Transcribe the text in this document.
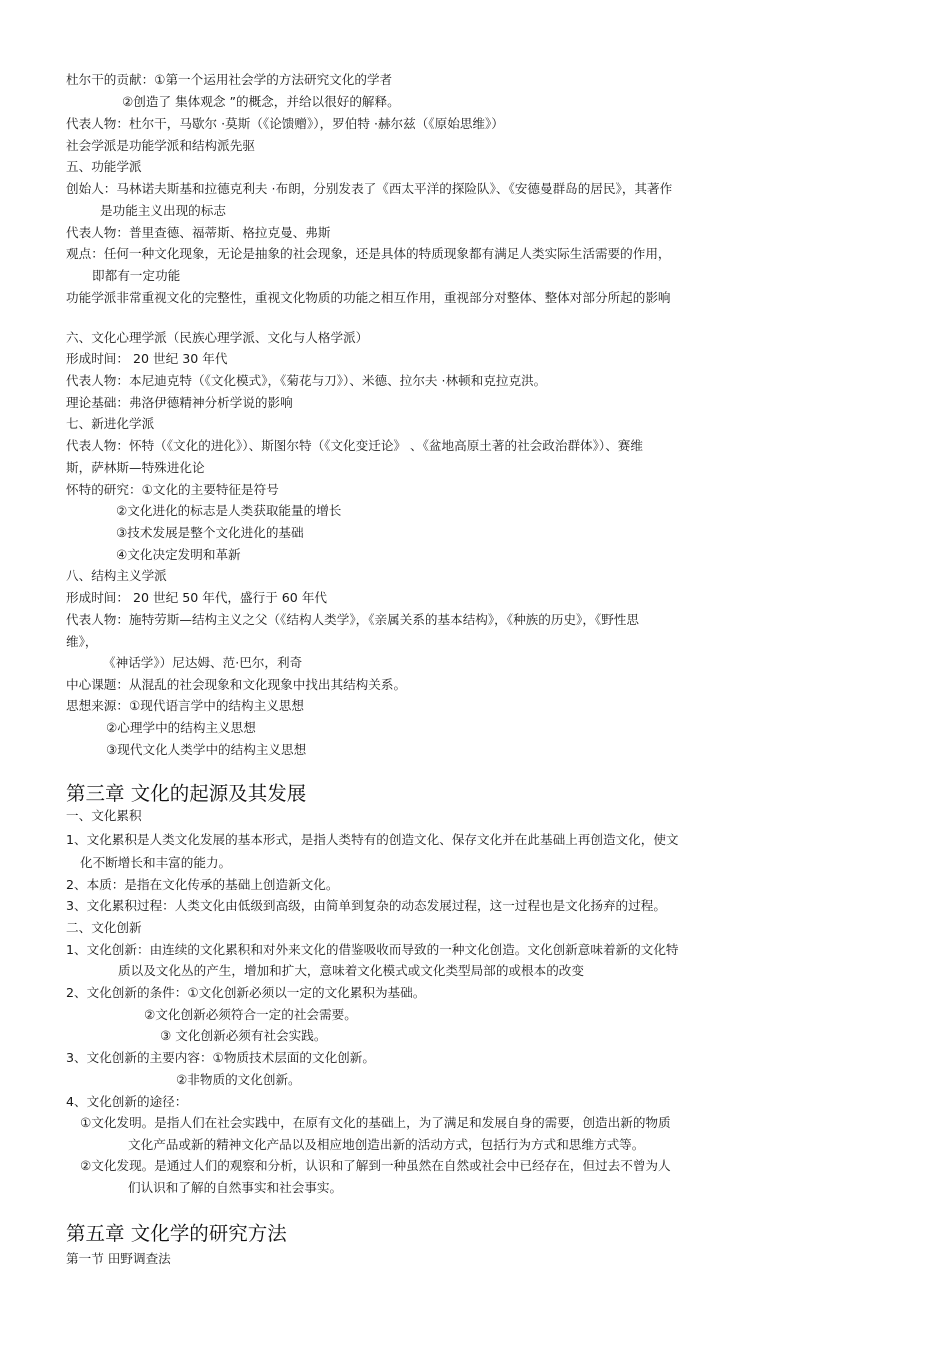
杜尔干的贡献：①第一个运用社会学的方法研究文化的学者
②创造了 集体观念 ”的概念，并给以很好的解释。
代表人物：杜尔干，马歇尔 ·莫斯（《论馈赠》），罗伯特 ·赫尔兹（《原始思维》）
社会学派是功能学派和结构派先驱
五、功能学派
创始人：马林诺夫斯基和拉德克利夫 ·布朗，分别发表了《西太平洋的探险队》、《安德曼群岛的居民》，其著作
是功能主义出现的标志
代表人物：普里查德、福蒂斯、格拉克曼、弗斯
观点：任何一种文化现象，无论是抽象的社会现象，还是具体的特质现象都有满足人类实际生活需要的作用，
即都有一定功能
功能学派非常重视文化的完整性，重视文化物质的功能之相互作用，重视部分对整体、整体对部分所起的影响
六、文化心理学派（民族心理学派、文化与人格学派）
形成时间： 20 世纪 30 年代
代表人物：本尼迪克特（《文化模式》，《菊花与刀》）、米德、拉尔夫 ·林顿和克拉克洪。
理论基础：弗洛伊德精神分析学说的影响
七、新进化学派
代表人物：怀特（《文化的进化》）、斯图尔特（《文化变迁论》 、《盆地高原土著的社会政治群体》）、赛维
斯，萨林斯—特殊进化论
怀特的研究：①文化的主要特征是符号
②文化进化的标志是人类获取能量的增长
③技术发展是整个文化进化的基础
④文化决定发明和革新
八、结构主义学派
形成时间： 20 世纪 50 年代，盛行于 60 年代
代表人物：施特劳斯—结构主义之父（《结构人类学》，《亲属关系的基本结构》，《种族的历史》，《野性思
维》，
《神话学》）尼达姆、范·巴尔，利奇
中心课题：从混乱的社会现象和文化现象中找出其结构关系。
思想来源：①现代语言学中的结构主义思想
②心理学中的结构主义思想
③现代文化人类学中的结构主义思想
一、文化累积
1、文化累积是人类文化发展的基本形式，是指人类特有的创造文化、保存文化并在此基础上再创造文化，使文
化不断增长和丰富的能力。
2、本质：是指在文化传承的基础上创造新文化。
3、文化累积过程：人类文化由低级到高级，由简单到复杂的动态发展过程，这一过程也是文化扬弃的过程。
二、文化创新
1、文化创新：由连续的文化累积和对外来文化的借鉴吸收而导致的一种文化创造。文化创新意味着新的文化特
质以及文化丛的产生，增加和扩大，意味着文化模式或文化类型局部的或根本的改变
2、文化创新的条件：①文化创新必须以一定的文化累积为基础。
②文化创新必须符合一定的社会需要。
③ 文化创新必须有社会实践。
3、文化创新的主要内容：①物质技术层面的文化创新。
②非物质的文化创新。
4、文化创新的途径：
①文化发明。是指人们在社会实践中，在原有文化的基础上，为了满足和发展自身的需要，创造出新的物质
文化产品或新的精神文化产品以及相应地创造出新的活动方式，包括行为方式和思维方式等。
②文化发现。是通过人们的观察和分析，认识和了解到一种虽然在自然或社会中已经存在，但过去不曾为人
们认识和了解的自然事实和社会事实。
第一节 田野调查法
第三章 文化的起源及其发展
第五章 文化学的研究方法
